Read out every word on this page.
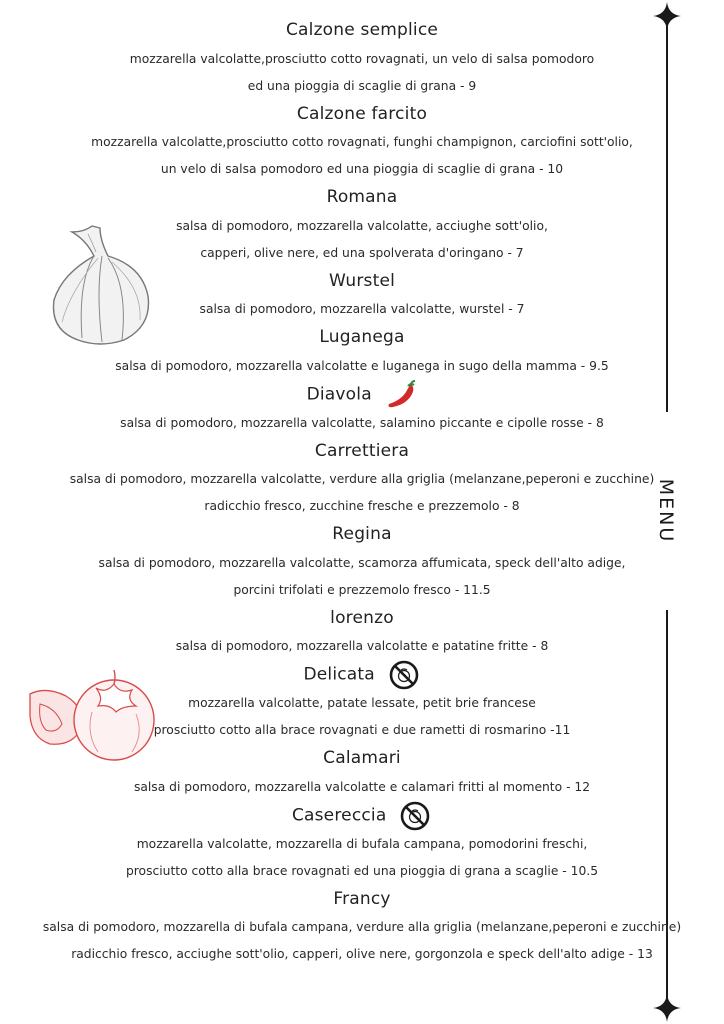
MENU
Calzone semplice
mozzarella valcolatte,prosciutto cotto rovagnati, un velo di salsa pomodoro
ed una pioggia di scaglie di grana - 9
Calzone farcito
mozzarella valcolatte,prosciutto cotto rovagnati, funghi champignon, carciofini sott'olio,
un velo di salsa pomodoro ed una pioggia di scaglie di grana - 10
Romana
salsa di pomodoro, mozzarella valcolatte, acciughe sott'olio,
capperi, olive nere, ed una spolverata d'oringano - 7
Wurstel
salsa di pomodoro, mozzarella valcolatte, wurstel - 7
Luganega
salsa di pomodoro, mozzarella valcolatte e luganega in sugo della mamma - 9.5
Diavola
salsa di pomodoro, mozzarella valcolatte, salamino piccante e cipolle rosse - 8
Carrettiera
salsa di pomodoro, mozzarella valcolatte, verdure alla griglia (melanzane,peperoni e zucchine)
radicchio fresco, zucchine fresche e prezzemolo - 8
Regina
salsa di pomodoro, mozzarella valcolatte, scamorza affumicata, speck dell'alto adige,
porcini trifolati e prezzemolo fresco - 11.5
lorenzo
salsa di pomodoro, mozzarella valcolatte e patatine fritte - 8
Delicata
mozzarella valcolatte, patate lessate, petit brie francese
prosciutto cotto alla brace rovagnati e due rametti di rosmarino -11
Calamari
salsa di pomodoro, mozzarella valcolatte e calamari fritti al momento - 12
Casereccia
mozzarella valcolatte, mozzarella di bufala campana, pomodorini freschi,
prosciutto cotto alla brace rovagnati ed una pioggia di grana a scaglie - 10.5
Francy
salsa di pomodoro, mozzarella di bufala campana, verdure alla griglia (melanzane,peperoni e zucchine)
radicchio fresco, acciughe sott'olio, capperi, olive nere, gorgonzola e speck dell'alto adige - 13
